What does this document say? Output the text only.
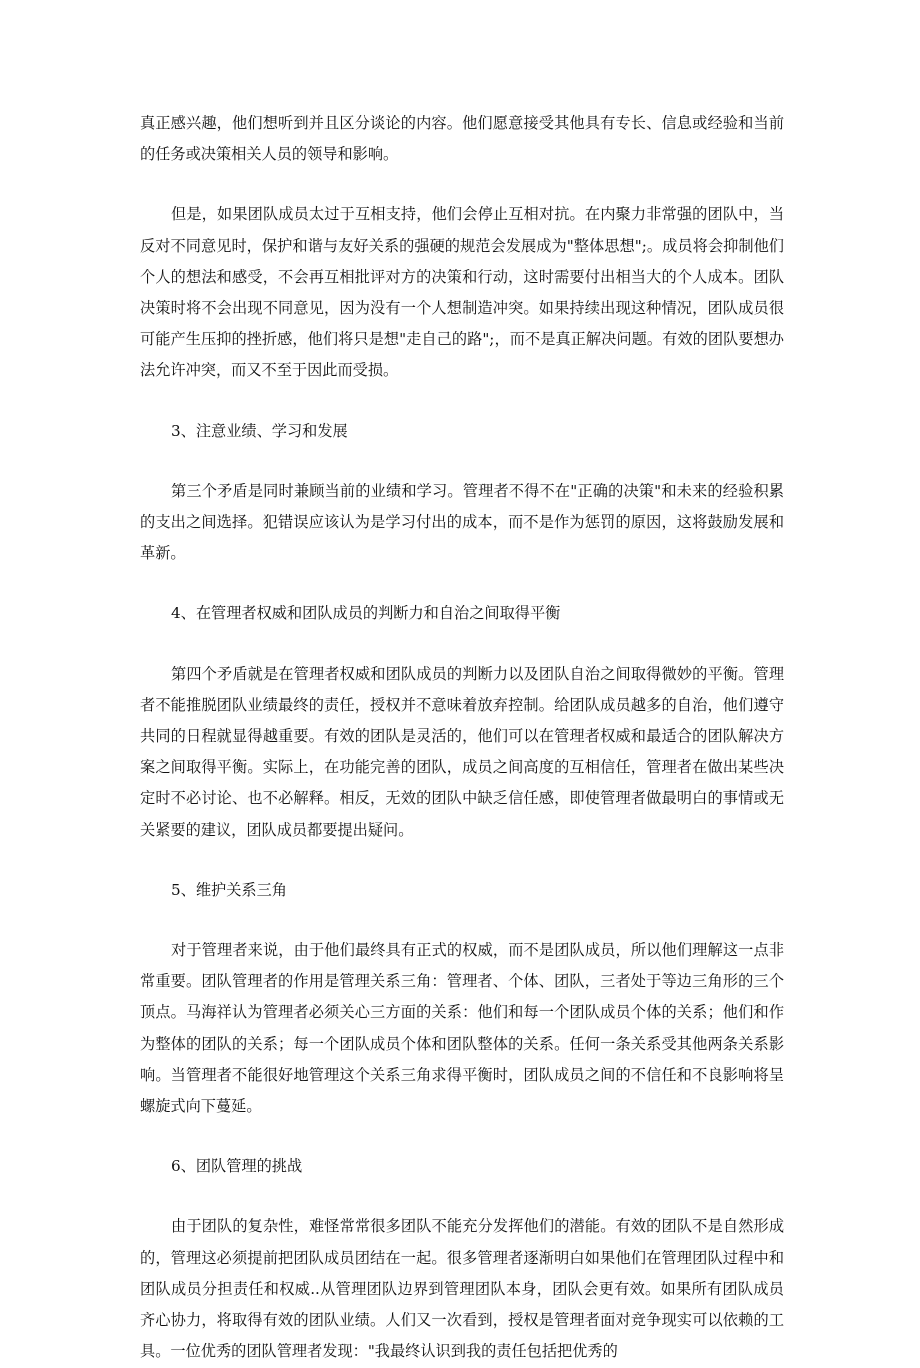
真正感兴趣，他们想听到并且区分谈论的内容。他们愿意接受其他具有专长、信息或经验和当前的任务或决策相关人员的领导和影响。

但是，如果团队成员太过于互相支持，他们会停止互相对抗。在内聚力非常强的团队中，当反对不同意见时，保护和谐与友好关系的强硬的规范会发展成为"整体思想";。成员将会抑制他们个人的想法和感受，不会再互相批评对方的决策和行动，这时需要付出相当大的个人成本。团队决策时将不会出现不同意见，因为没有一个人想制造冲突。如果持续出现这种情况，团队成员很可能产生压抑的挫折感，他们将只是想"走自己的路";，而不是真正解决问题。有效的团队要想办法允许冲突，而又不至于因此而受损。

3、注意业绩、学习和发展

第三个矛盾是同时兼顾当前的业绩和学习。管理者不得不在"正确的决策"和未来的经验积累的支出之间选择。犯错误应该认为是学习付出的成本，而不是作为惩罚的原因，这将鼓励发展和革新。

4、在管理者权威和团队成员的判断力和自治之间取得平衡

第四个矛盾就是在管理者权威和团队成员的判断力以及团队自治之间取得微妙的平衡。管理者不能推脱团队业绩最终的责任，授权并不意味着放弃控制。给团队成员越多的自治，他们遵守共同的日程就显得越重要。有效的团队是灵活的，他们可以在管理者权威和最适合的团队解决方案之间取得平衡。实际上，在功能完善的团队，成员之间高度的互相信任，管理者在做出某些决定时不必讨论、也不必解释。相反，无效的团队中缺乏信任感，即使管理者做最明白的事情或无关紧要的建议，团队成员都要提出疑问。

5、维护关系三角

对于管理者来说，由于他们最终具有正式的权威，而不是团队成员，所以他们理解这一点非常重要。团队管理者的作用是管理关系三角：管理者、个体、团队，三者处于等边三角形的三个顶点。马海祥认为管理者必须关心三方面的关系：他们和每一个团队成员个体的关系；他们和作为整体的团队的关系；每一个团队成员个体和团队整体的关系。任何一条关系受其他两条关系影响。当管理者不能很好地管理这个关系三角求得平衡时，团队成员之间的不信任和不良影响将呈螺旋式向下蔓延。

6、团队管理的挑战

由于团队的复杂性，难怪常常很多团队不能充分发挥他们的潜能。有效的团队不是自然形成的，管理这必须提前把团队成员团结在一起。很多管理者逐渐明白如果他们在管理团队过程中和团队成员分担责任和权威..从管理团队边界到管理团队本身，团队会更有效。如果所有团队成员齐心协力，将取得有效的团队业绩。人们又一次看到，授权是管理者面对竞争现实可以依赖的工具。一位优秀的团队管理者发现："我最终认识到我的责任包括把优秀的
